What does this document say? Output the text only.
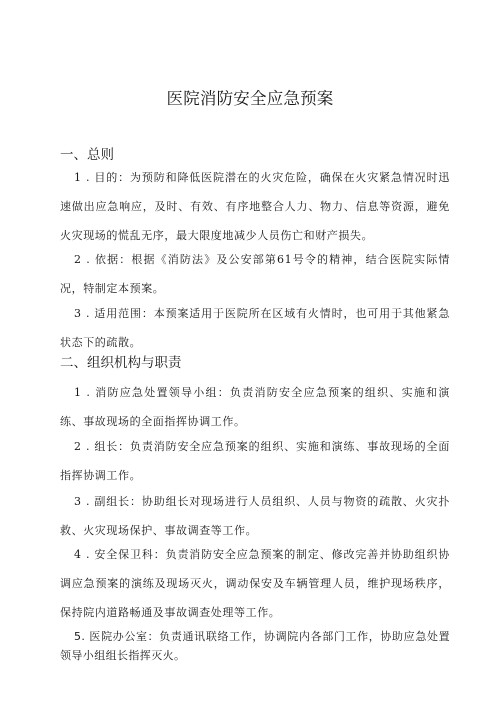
医院消防安全应急预案
一、总则
1 . 目的：为预防和降低医院潜在的火灾危险，确保在火灾紧急情况时迅速做出应急响应，及时、有效、有序地整合人力、物力、信息等资源，避免火灾现场的慌乱无序，最大限度地减少人员伤亡和财产损失。
2 . 依据：根据《消防法》及公安部第61号令的精神，结合医院实际情况，特制定本预案。
3 . 适用范围：本预案适用于医院所在区域有火情时，也可用于其他紧急状态下的疏散。
二、组织机构与职责
1 . 消防应急处置领导小组：负责消防安全应急预案的组织、实施和演练、事故现场的全面指挥协调工作。
2 . 组长：负责消防安全应急预案的组织、实施和演练、事故现场的全面指挥协调工作。
3 . 副组长：协助组长对现场进行人员组织、人员与物资的疏散、火灾扑救、火灾现场保护、事故调查等工作。
4 . 安全保卫科：负责消防安全应急预案的制定、修改完善并协助组织协调应急预案的演练及现场灭火，调动保安及车辆管理人员，维护现场秩序，保持院内道路畅通及事故调查处理等工作。
5. 医院办公室：负责通讯联络工作，协调院内各部门工作，协助应急处置领导小组组长指挥灭火。
